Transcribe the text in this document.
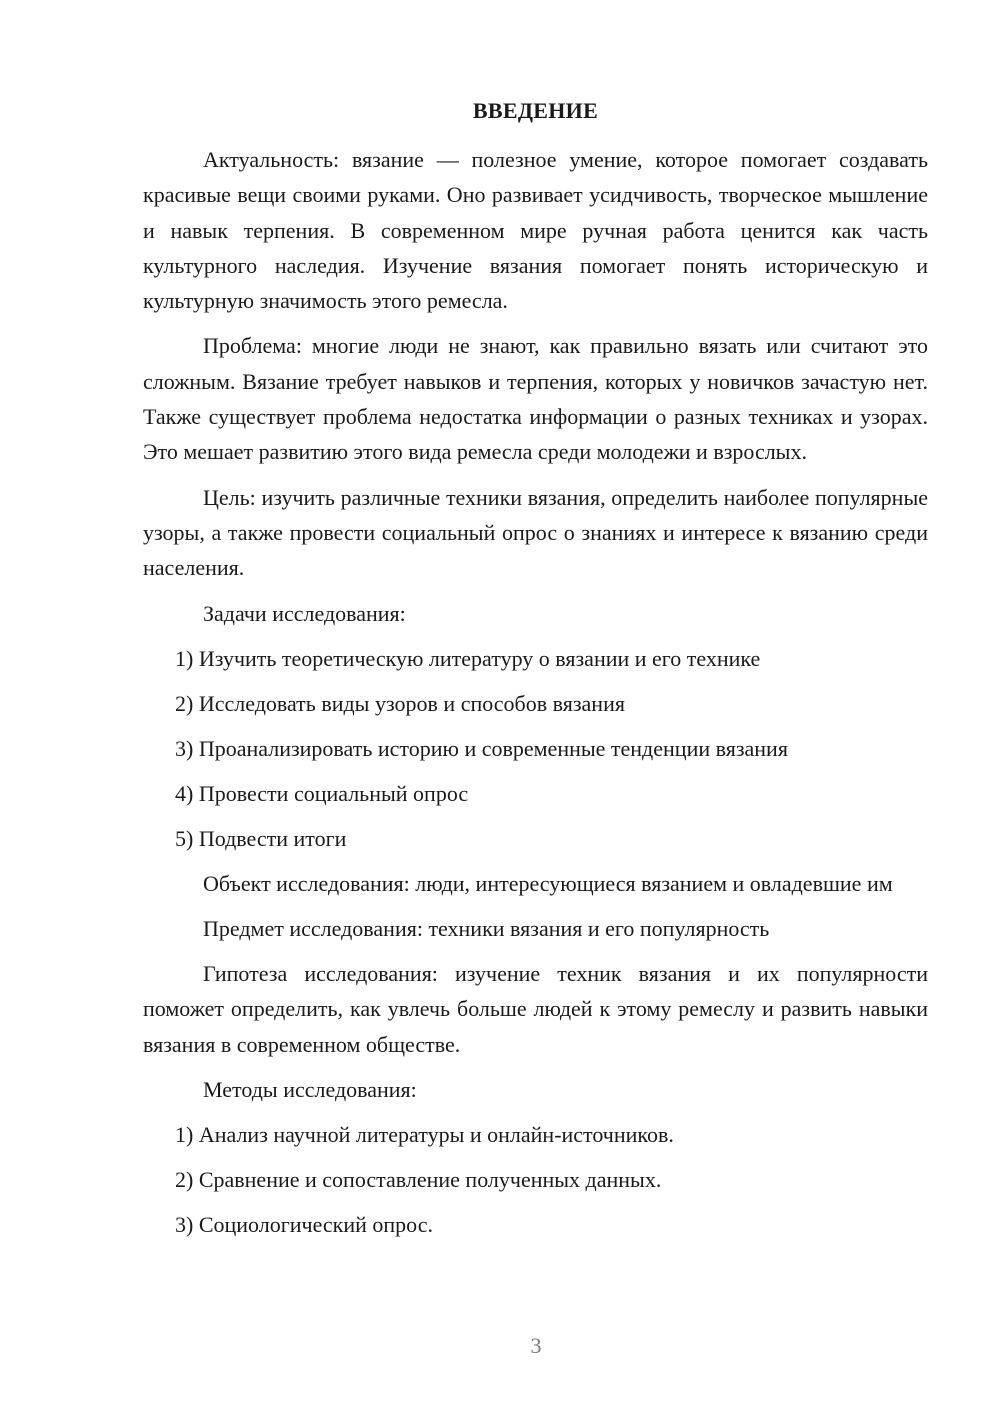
ВВЕДЕНИЕ

Актуальность: вязание — полезное умение, которое помогает создавать красивые вещи своими руками. Оно развивает усидчивость, творческое мышление и навык терпения. В современном мире ручная работа ценится как часть культурного наследия. Изучение вязания помогает понять историческую и культурную значимость этого ремесла.

Проблема: многие люди не знают, как правильно вязать или считают это сложным. Вязание требует навыков и терпения, которых у новичков зачастую нет. Также существует проблема недостатка информации о разных техниках и узорах. Это мешает развитию этого вида ремесла среди молодежи и взрослых.

Цель: изучить различные техники вязания, определить наиболее популярные узоры, а также провести социальный опрос о знаниях и интересе к вязанию среди населения.

Задачи исследования:
1) Изучить теоретическую литературу о вязании и его технике
2) Исследовать виды узоров и способов вязания
3) Проанализировать историю и современные тенденции вязания
4) Провести социальный опрос
5) Подвести итоги

Объект исследования: люди, интересующиеся вязанием и овладевшие им

Предмет исследования: техники вязания и его популярность

Гипотеза исследования: изучение техник вязания и их популярности поможет определить, как увлечь больше людей к этому ремеслу и развить навыки вязания в современном обществе.

Методы исследования:
1) Анализ научной литературы и онлайн-источников.
2) Сравнение и сопоставление полученных данных.
3) Социологический опрос.
3
